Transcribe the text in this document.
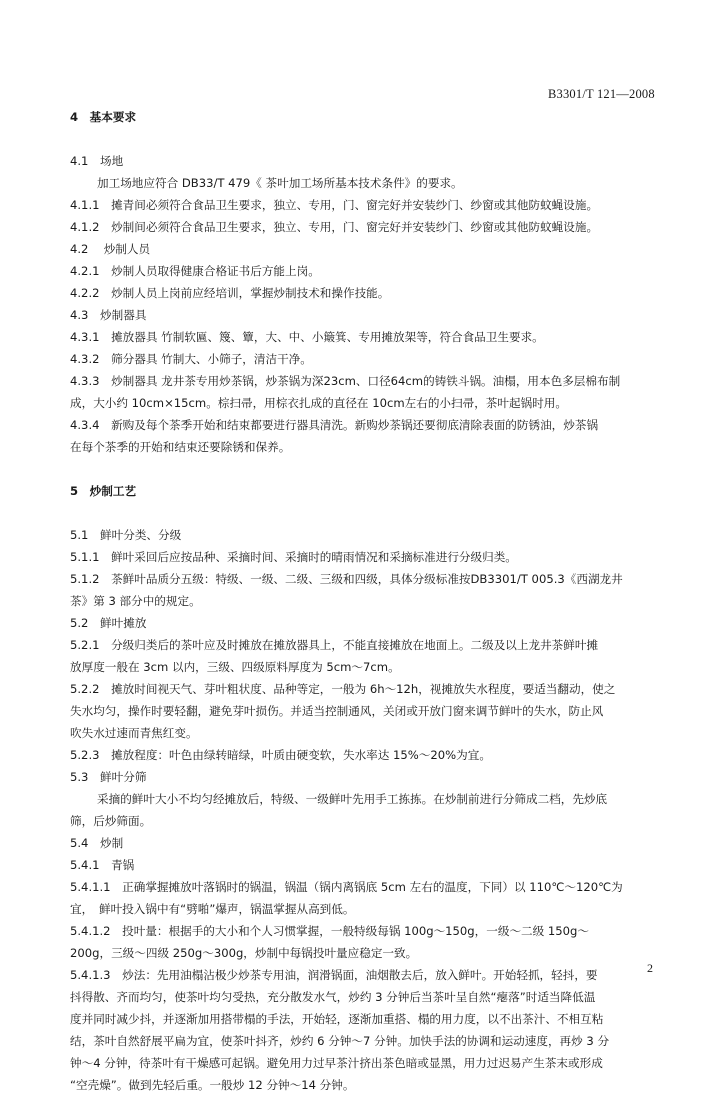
B3301/T 121—2008
4　基本要求
4.1　场地
加工场地应符合 DB33/T 479《 茶叶加工场所基本技术条件》的要求。
4.1.1　摊青间必须符合食品卫生要求，独立、专用，门、窗完好并安装纱门、纱窗或其他防蚊蝇设施。
4.1.2　炒制间必须符合食品卫生要求，独立、专用，门、窗完好并安装纱门、纱窗或其他防蚊蝇设施。
4.2　 炒制人员
4.2.1　炒制人员取得健康合格证书后方能上岗。
4.2.2　炒制人员上岗前应经培训，掌握炒制技术和操作技能。
4.3　炒制器具
4.3.1　摊放器具 竹制软匾、篾、簟，大、中、小簸箕、专用摊放架等，符合食品卫生要求。
4.3.2　筛分器具 竹制大、小筛子，清洁干净。
4.3.3　炒制器具 龙井茶专用炒茶锅，炒茶锅为深23cm、口径64cm的铸铁斗锅。油榻，用本色多层棉布制
成，大小约 10cm×15cm。棕扫帚，用棕衣扎成的直径在 10cm左右的小扫帚，茶叶起锅时用。
4.3.4　新购及每个茶季开始和结束都要进行器具清洗。新购炒茶锅还要彻底清除表面的防锈油，炒茶锅
在每个茶季的开始和结束还要除锈和保养。
5　炒制工艺
5.1　鲜叶分类、分级
5.1.1　鲜叶采回后应按品种、采摘时间、采摘时的晴雨情况和采摘标准进行分级归类。
5.1.2　茶鲜叶品质分五级：特级、一级、二级、三级和四级，具体分级标准按DB3301/T 005.3《西湖龙井
茶》第 3 部分中的规定。
5.2　鲜叶摊放
5.2.1　分级归类后的茶叶应及时摊放在摊放器具上，不能直接摊放在地面上。二级及以上龙井茶鲜叶摊
放厚度一般在 3cm 以内，三级、四级原料厚度为 5cm～7cm。
5.2.2　摊放时间视天气、芽叶粗状度、品种等定，一般为 6h～12h，视摊放失水程度，要适当翻动，使之
失水均匀，操作时要轻翻，避免芽叶损伤。并适当控制通风，关闭或开放门窗来调节鲜叶的失水，防止风
吹失水过速而青焦红变。
5.2.3　摊放程度：叶色由绿转暗绿，叶质由硬变软，失水率达 15%～20%为宜。
5.3　鲜叶分筛
采摘的鲜叶大小不均匀经摊放后，特级、一级鲜叶先用手工拣拣。在炒制前进行分筛成二档，先炒底
筛，后炒筛面。
5.4　炒制
5.4.1　青锅
5.4.1.1　正确掌握摊放叶落锅时的锅温，锅温（锅内离锅底 5cm 左右的温度，下同）以 110℃～120℃为
宜，　鲜叶投入锅中有“劈啪”爆声，锅温掌握从高到低。
5.4.1.2　投叶量：根据手的大小和个人习惯掌握，一般特级每锅 100g～150g，一级～二级 150g～
200g，三级～四级 250g～300g，炒制中每锅投叶量应稳定一致。
5.4.1.3　炒法：先用油榻沾极少炒茶专用油，润滑锅面，油烟散去后，放入鲜叶。开始轻抓，轻抖，要
抖得散、齐而均匀，使茶叶均匀受热，充分散发水气，炒约 3 分钟后当茶叶呈自然“瘪落”时适当降低温
度并同时减少抖，并逐渐加用搭带榻的手法，开始轻，逐渐加重搭、榻的用力度，以不出茶汁、不相互粘
结，茶叶自然舒展平扁为宜，使茶叶抖齐，炒约 6 分钟～7 分钟。加快手法的协调和运动速度，再炒 3 分
钟～4 分钟，待茶叶有干燥感可起锅。避免用力过早茶汁挤出茶色暗或显黑，用力过迟易产生茶末或形成
“空壳燥”。做到先轻后重。一般炒 12 分钟～14 分钟。
2
